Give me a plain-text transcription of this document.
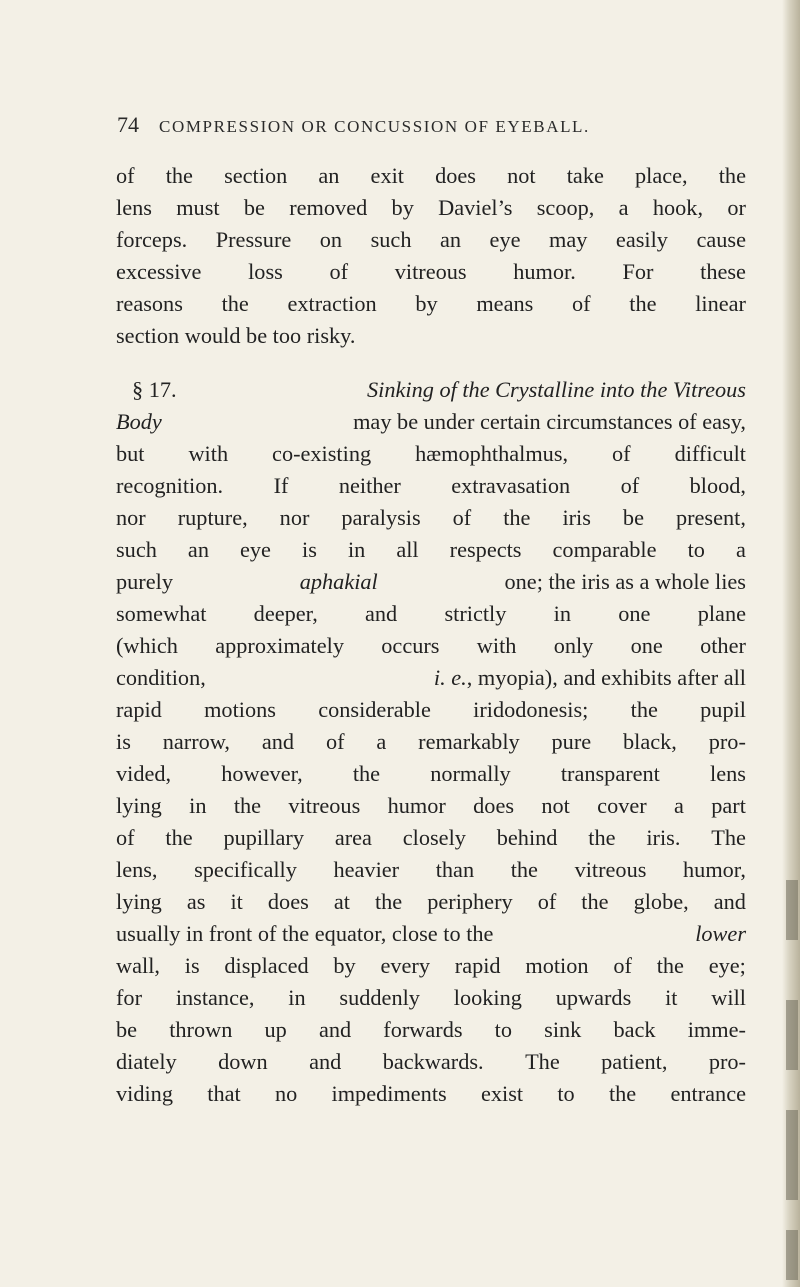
74 COMPRESSION OR CONCUSSION OF EYEBALL.
of the section an exit does not take place, the
lens must be removed by Daviel’s scoop, a hook, or
forceps. Pressure on such an eye may easily cause
excessive loss of vitreous humor. For these
reasons the extraction by means of the linear
section would be too risky.
§ 17.	Sinking of the Crystalline into the Vitreous
Body	may be under certain circumstances of easy,
but with co-existing hæmophthalmus, of difficult
recognition. If neither extravasation of blood,
nor rupture, nor paralysis of the iris be present,
such an eye is in all respects comparable to a
purely	aphakial	one; the iris as a whole lies
somewhat deeper, and strictly in one plane
(which approximately occurs with only one other
condition,	i. e., myopia), and exhibits after all
rapid motions considerable iridodonesis; the pupil
is narrow, and of a remarkably pure black, pro-
vided, however, the normally transparent lens
lying in the vitreous humor does not cover a part
of the pupillary area closely behind the iris. The
lens, specifically heavier than the vitreous humor,
lying as it does at the periphery of the globe, and
usually in front of the equator, close to the	lower
wall, is displaced by every rapid motion of the eye;
for instance, in suddenly looking upwards it will
be thrown up and forwards to sink back imme-
diately down and backwards. The patient, pro-
viding that no impediments exist to the entrance
